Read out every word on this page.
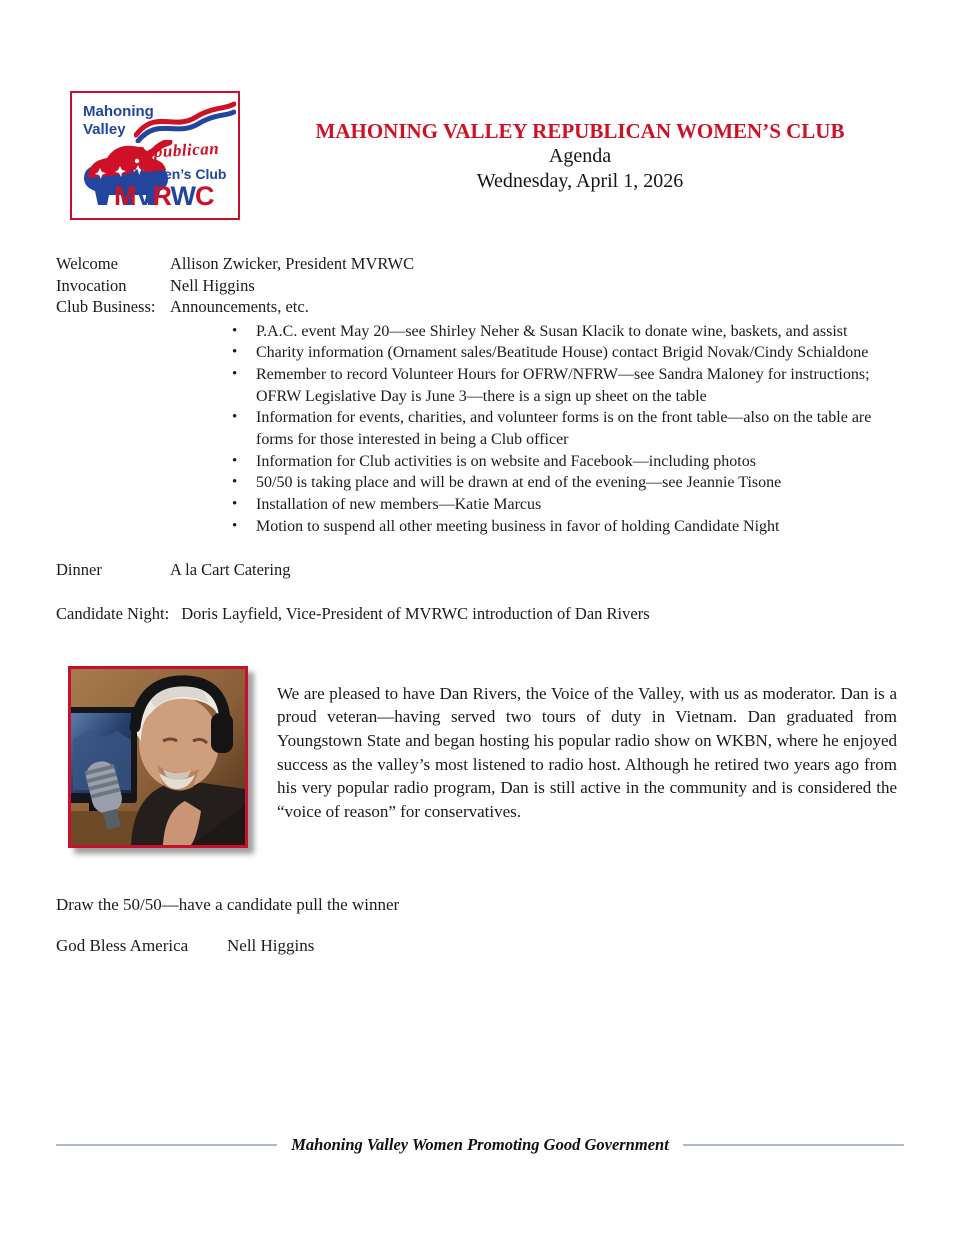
Mahoning
Valley
Republican
Women’s Club
MVRWC
MAHONING VALLEY REPUBLICAN WOMEN’S CLUB
Agenda
Wednesday, April 1, 2026
Welcome	Allison Zwicker, President MVRWC
Invocation	Nell Higgins
Club Business: Announcements, etc.
• P.A.C. event May 20—see Shirley Neher & Susan Klacik to donate wine, baskets, and assist
• Charity information (Ornament sales/Beatitude House) contact Brigid Novak/Cindy Schialdone
• Remember to record Volunteer Hours for OFRW/NFRW—see Sandra Maloney for instructions; OFRW Legislative Day is June 3—there is a sign up sheet on the table
• Information for events, charities, and volunteer forms is on the front table—also on the table are forms for those interested in being a Club officer
• Information for Club activities is on website and Facebook—including photos
• 50/50 is taking place and will be drawn at end of the evening—see Jeannie Tisone
• Installation of new members—Katie Marcus
• Motion to suspend all other meeting business in favor of holding Candidate Night
Dinner	A la Cart Catering
Candidate Night: Doris Layfield, Vice-President of MVRWC introduction of Dan Rivers
We are pleased to have Dan Rivers, the Voice of the Valley, with us as moderator. Dan is a proud veteran—having served two tours of duty in Vietnam. Dan graduated from Youngstown State and began hosting his popular radio show on WKBN, where he enjoyed success as the valley’s most listened to radio host. Although he retired two years ago from his very popular radio program, Dan is still active in the community and is considered the “voice of reason” for conservatives.
Draw the 50/50—have a candidate pull the winner
God Bless America	Nell Higgins
Mahoning Valley Women Promoting Good Government
